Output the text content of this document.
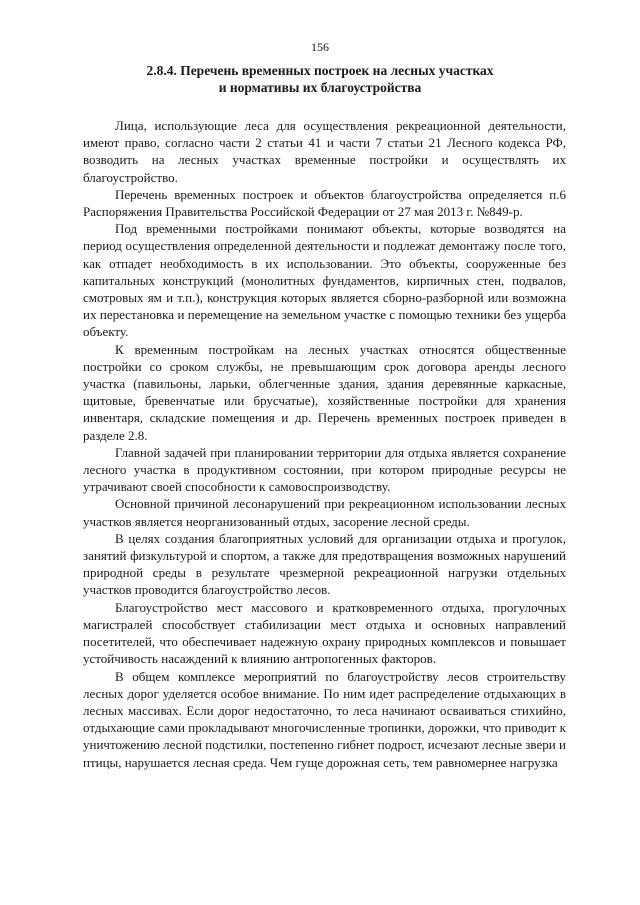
156
2.8.4. Перечень временных построек на лесных участках
и нормативы их благоустройства

Лица, использующие леса для осуществления рекреационной деятельности, имеют право, согласно части 2 статьи 41 и части 7 статьи 21 Лесного кодекса РФ, возводить на лесных участках временные постройки и осуществлять их благоустройство.

Перечень временных построек и объектов благоустройства определяется п.6 Распоряжения Правительства Российской Федерации от 27 мая 2013 г. №849-р.

Под временными постройками понимают объекты, которые возводятся на период осуществления определенной деятельности и подлежат демонтажу после того, как отпадет необходимость в их использовании. Это объекты, сооруженные без капитальных конструкций (монолитных фундаментов, кирпичных стен, подвалов, смотровых ям и т.п.), конструкция которых является сборно-разборной или возможна их перестановка и перемещение на земельном участке с помощью техники без ущерба объекту.

К временным постройкам на лесных участках относятся общественные постройки со сроком службы, не превышающим срок договора аренды лесного участка (павильоны, ларьки, облегченные здания, здания деревянные каркасные, щитовые, бревенчатые или брусчатые), хозяйственные постройки для хранения инвентаря, складские помещения и др. Перечень временных построек приведен в разделе 2.8.

Главной задачей при планировании территории для отдыха является сохранение лесного участка в продуктивном состоянии, при котором природные ресурсы не утрачивают своей способности к самовоспроизводству.

Основной причиной лесонарушений при рекреационном использовании лесных участков является неорганизованный отдых, засорение лесной среды.

В целях создания благоприятных условий для организации отдыха и прогулок, занятий физкультурой и спортом, а также для предотвращения возможных нарушений природной среды в результате чрезмерной рекреационной нагрузки отдельных участков проводится благоустройство лесов.

Благоустройство мест массового и кратковременного отдыха, прогулочных магистралей способствует стабилизации мест отдыха и основных направлений посетителей, что обеспечивает надежную охрану природных комплексов и повышает устойчивость насаждений к влиянию антропогенных факторов.

В общем комплексе мероприятий по благоустройству лесов строительству лесных дорог уделяется особое внимание. По ним идет распределение отдыхающих в лесных массивах. Если дорог недостаточно, то леса начинают осваиваться стихийно, отдыхающие сами прокладывают многочисленные тропинки, дорожки, что приводит к уничтожению лесной подстилки, постепенно гибнет подрост, исчезают лесные звери и птицы, нарушается лесная среда. Чем гуще дорожная сеть, тем равномернее нагрузка
